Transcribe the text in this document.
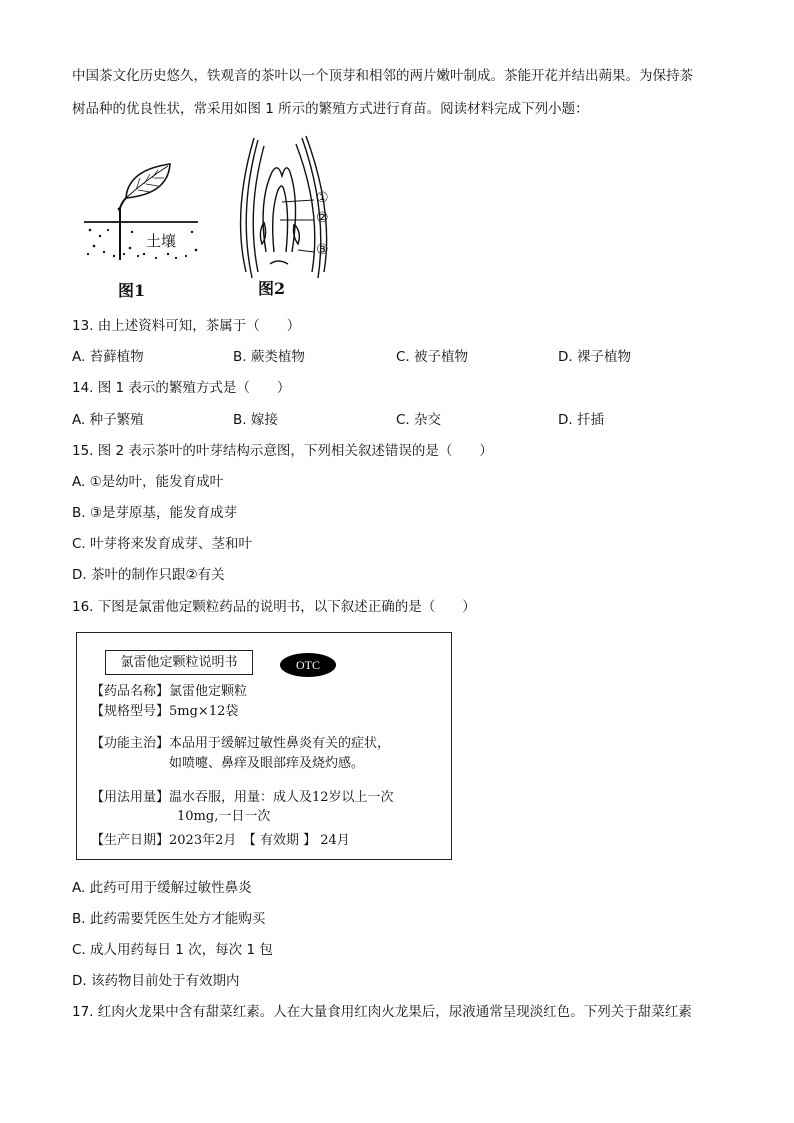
中国茶文化历史悠久，铁观音的茶叶以一个顶芽和相邻的两片嫩叶制成。茶能开花并结出蒴果。为保持茶
树品种的优良性状，常采用如图 1 所示的繁殖方式进行育苗。阅读材料完成下列小题：
土壤
图1
①
②
③
图2
13. 由上述资料可知，茶属于（　　）
A. 苔藓植物	B. 蕨类植物	C. 被子植物	D. 裸子植物
14. 图 1 表示的繁殖方式是（　　）
A. 种子繁殖	B. 嫁接	C. 杂交	D. 扦插
15. 图 2 表示茶叶的叶芽结构示意图，下列相关叙述错误的是（　　）
A. ①是幼叶，能发育成叶
B. ③是芽原基，能发育成芽
C. 叶芽将来发育成芽、茎和叶
D. 茶叶的制作只跟②有关
16. 下图是氯雷他定颗粒药品的说明书，以下叙述正确的是（　　）
氯雷他定颗粒说明书	OTC
【药品名称】氯雷他定颗粒
【规格型号】5mg×12袋
【功能主治】本品用于缓解过敏性鼻炎有关的症状，
如喷嚏、鼻痒及眼部痒及烧灼感。
【用法用量】温水吞服，用量：成人及12岁以上一次
10mg,一日一次
【生产日期】2023年2月　【 有效期 】 24月
A. 此药可用于缓解过敏性鼻炎
B. 此药需要凭医生处方才能购买
C. 成人用药每日 1 次，每次 1 包
D. 该药物目前处于有效期内
17. 红肉火龙果中含有甜菜红素。人在大量食用红肉火龙果后，尿液通常呈现淡红色。下列关于甜菜红素
